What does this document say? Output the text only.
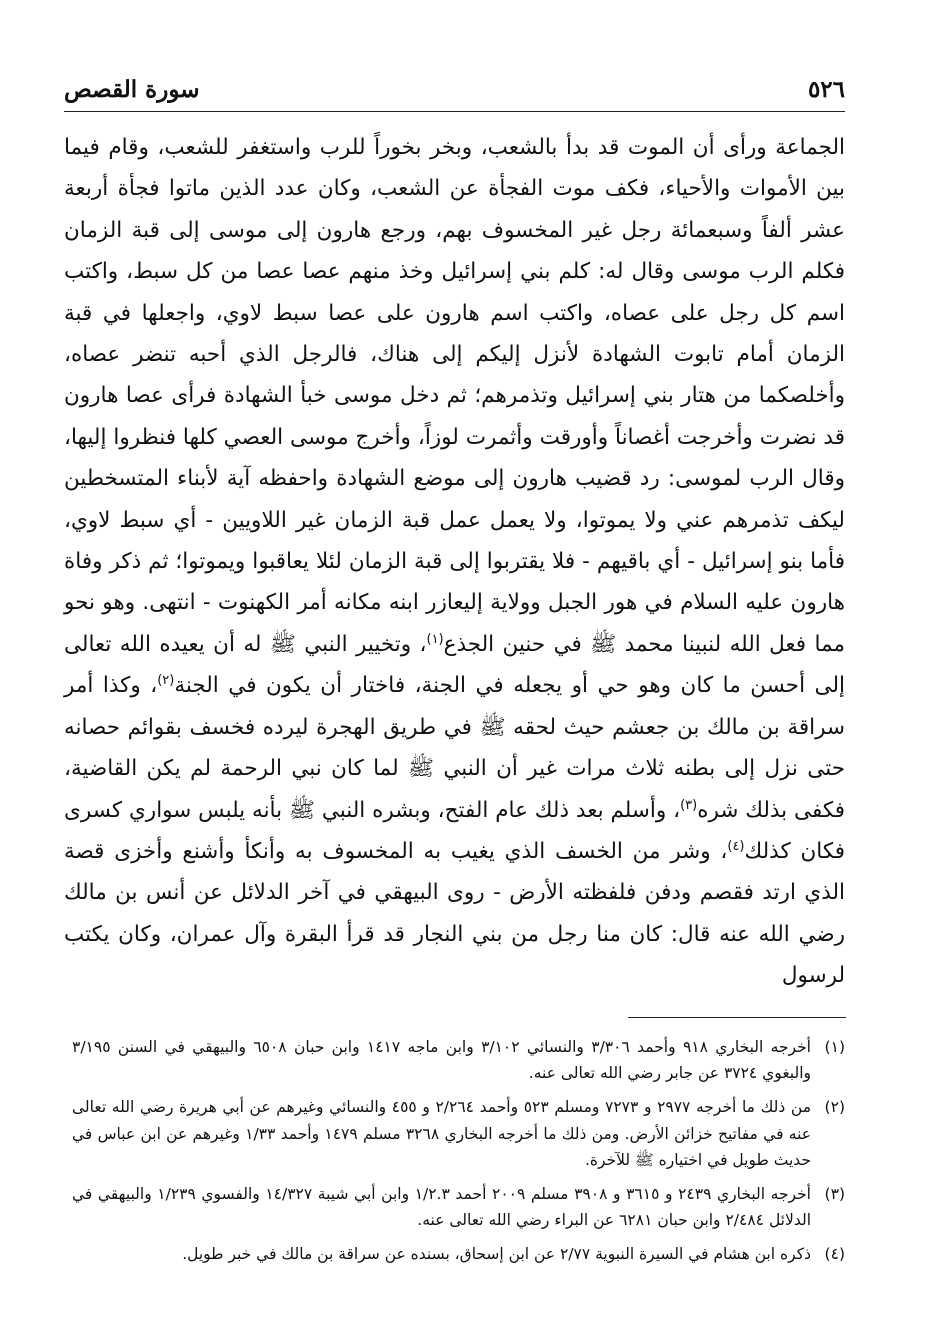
٥٢٦
سورة القصص
الجماعة ورأى أن الموت قد بدأ بالشعب، وبخر بخوراً للرب واستغفر للشعب، وقام فيما بين الأموات والأحياء، فكف موت الفجأة عن الشعب، وكان عدد الذين ماتوا فجأة أربعة عشر ألفاً وسبعمائة رجل غير المخسوف بهم، ورجع هارون إلى موسى إلى قبة الزمان فكلم الرب موسى وقال له: كلم بني إسرائيل وخذ منهم عصا عصا من كل سبط، واكتب اسم كل رجل على عصاه، واكتب اسم هارون على عصا سبط لاوي، واجعلها في قبة الزمان أمام تابوت الشهادة لأنزل إليكم إلى هناك، فالرجل الذي أحبه تنضر عصاه، وأخلصكما من هتار بني إسرائيل وتذمرهم؛ ثم دخل موسى خبأ الشهادة فرأى عصا هارون قد نضرت وأخرجت أغصاناً وأورقت وأثمرت لوزاً، وأخرج موسى العصي كلها فنظروا إليها، وقال الرب لموسى: رد قضيب هارون إلى موضع الشهادة واحفظه آية لأبناء المتسخطين ليكف تذمرهم عني ولا يموتوا، ولا يعمل عمل قبة الزمان غير اللاويين - أي سبط لاوي، فأما بنو إسرائيل - أي باقيهم - فلا يقتربوا إلى قبة الزمان لئلا يعاقبوا ويموتوا؛ ثم ذكر وفاة هارون عليه السلام في هور الجبل وولاية إليعازر ابنه مكانه أمر الكهنوت - انتهى. وهو نحو مما فعل الله لنبينا محمد ﷺ في حنين الجذع$^{(١)}$، وتخيير النبي ﷺ له أن يعيده الله تعالى إلى أحسن ما كان وهو حي أو يجعله في الجنة، فاختار أن يكون في الجنة$^{(٢)}$، وكذا أمر سراقة بن مالك بن جعشم حيث لحقه ﷺ في طريق الهجرة ليرده فخسف بقوائم حصانه حتى نزل إلى بطنه ثلاث مرات غير أن النبي ﷺ لما كان نبي الرحمة لم يكن القاضية، فكفى بذلك شره$^{(٣)}$، وأسلم بعد ذلك عام الفتح، وبشره النبي ﷺ بأنه يلبس سواري كسرى فكان كذلك$^{(٤)}$، وشر من الخسف الذي يغيب به المخسوف به وأنكأ وأشنع وأخزى قصة الذي ارتد فقصم ودفن فلفظته الأرض - روى البيهقي في آخر الدلائل عن أنس بن مالك رضي الله عنه قال: كان منا رجل من بني النجار قد قرأ البقرة وآل عمران، وكان يكتب لرسول
(١)
أخرجه البخاري ٩١٨ وأحمد ٣/٣٠٦ والنسائي ٣/١٠٢ وابن ماجه ١٤١٧ وابن حبان ٦٥٠٨ والبيهقي في السنن ٣/١٩٥ والبغوي ٣٧٢٤ عن جابر رضي الله تعالى عنه.
(٢)
من ذلك ما أخرجه ٢٩٧٧ و ٧٢٧٣ ومسلم ٥٢٣ وأحمد ٢/٢٦٤ و ٤٥٥ والنسائي وغيرهم عن أبي هريرة رضي الله تعالى عنه في مفاتيح خزائن الأرض. ومن ذلك ما أخرجه البخاري ٣٢٦٨ مسلم ١٤٧٩ وأحمد ١/٣٣ وغيرهم عن ابن عباس في حديث طويل في اختياره ﷺ للآخرة.
(٣)
أخرجه البخاري ٢٤٣٩ و ٣٦١٥ و ٣٩٠٨ مسلم ٢٠٠٩ أحمد ١/٢.٣ وابن أبي شيبة ١٤/٣٢٧ والفسوي ١/٢٣٩ والبيهقي في الدلائل ٢/٤٨٤ وابن حبان ٦٢٨١ عن البراء رضي الله تعالى عنه.
(٤)
ذكره ابن هشام في السيرة النبوية ٢/٧٧ عن ابن إسحاق، بسنده عن سراقة بن مالك في خبر طويل.
